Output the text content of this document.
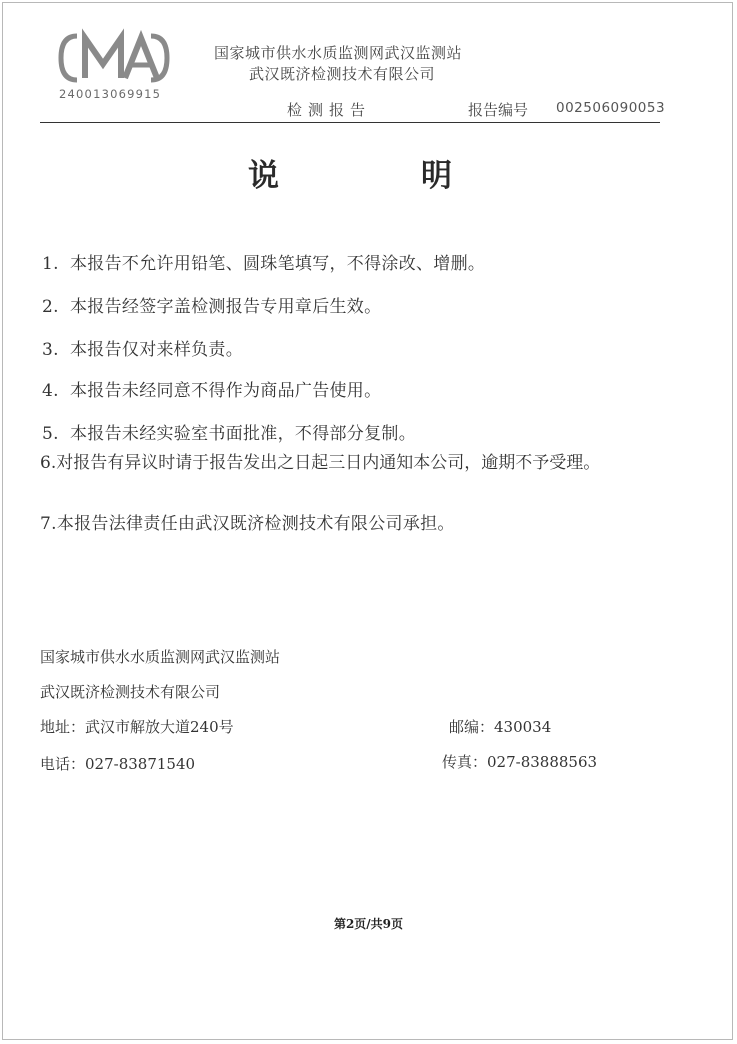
240013069915
国家城市供水水质监测网武汉监测站
武汉既济检测技术有限公司
检测报告	报告编号 002506090053
说	明
1. 本报告不允许用铅笔、圆珠笔填写，不得涂改、增删。
2. 本报告经签字盖检测报告专用章后生效。
3. 本报告仅对来样负责。
4. 本报告未经同意不得作为商品广告使用。
5. 本报告未经实验室书面批准，不得部分复制。
6.对报告有异议时请于报告发出之日起三日内通知本公司，逾期不予受理。
7.本报告法律责任由武汉既济检测技术有限公司承担。
国家城市供水水质监测网武汉监测站
武汉既济检测技术有限公司
地址：武汉市解放大道240号	邮编：430034
电话：027-83871540	传真：027-83888563
第2页/共9页
